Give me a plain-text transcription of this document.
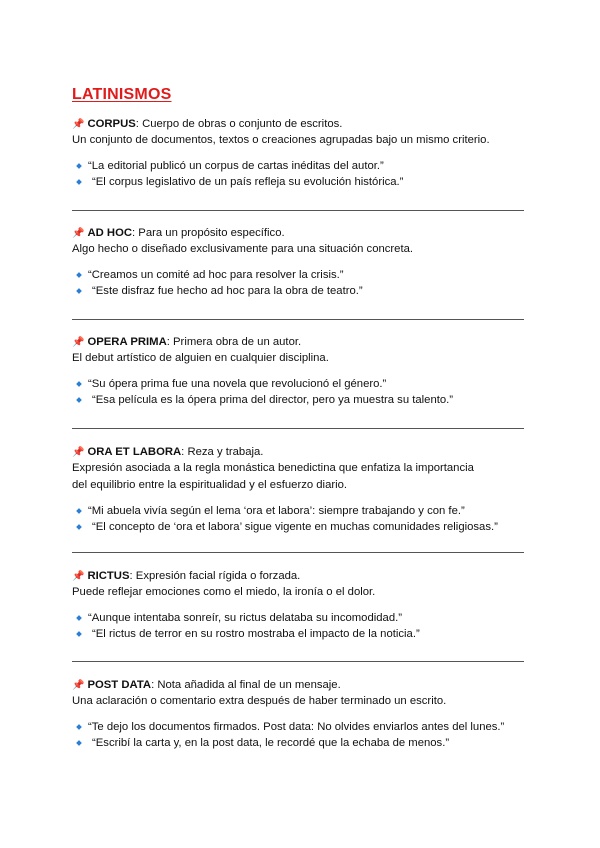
LATINISMOS
📌 CORPUS: Cuerpo de obras o conjunto de escritos.
Un conjunto de documentos, textos o creaciones agrupadas bajo un mismo criterio.
“La editorial publicó un corpus de cartas inéditas del autor.”
“El corpus legislativo de un país refleja su evolución histórica.”
📌 AD HOC: Para un propósito específico.
Algo hecho o diseñado exclusivamente para una situación concreta.
“Creamos un comité ad hoc para resolver la crisis.”
“Este disfraz fue hecho ad hoc para la obra de teatro.”
📌 OPERA PRIMA: Primera obra de un autor.
El debut artístico de alguien en cualquier disciplina.
“Su ópera prima fue una novela que revolucionó el género.”
“Esa película es la ópera prima del director, pero ya muestra su talento.”
📌 ORA ET LABORA: Reza y trabaja.
Expresión asociada a la regla monástica benedictina que enfatiza la importancia del equilibrio entre la espiritualidad y el esfuerzo diario.
“Mi abuela vivía según el lema ‘ora et labora’: siempre trabajando y con fe.”
“El concepto de ‘ora et labora’ sigue vigente en muchas comunidades religiosas.”
📌 RICTUS: Expresión facial rígida o forzada.
Puede reflejar emociones como el miedo, la ironía o el dolor.
“Aunque intentaba sonreír, su rictus delataba su incomodidad.”
“El rictus de terror en su rostro mostraba el impacto de la noticia.”
📌 POST DATA: Nota añadida al final de un mensaje.
Una aclaración o comentario extra después de haber terminado un escrito.
“Te dejo los documentos firmados. Post data: No olvides enviarlos antes del lunes.”
“Escribí la carta y, en la post data, le recordé que la echaba de menos.”
